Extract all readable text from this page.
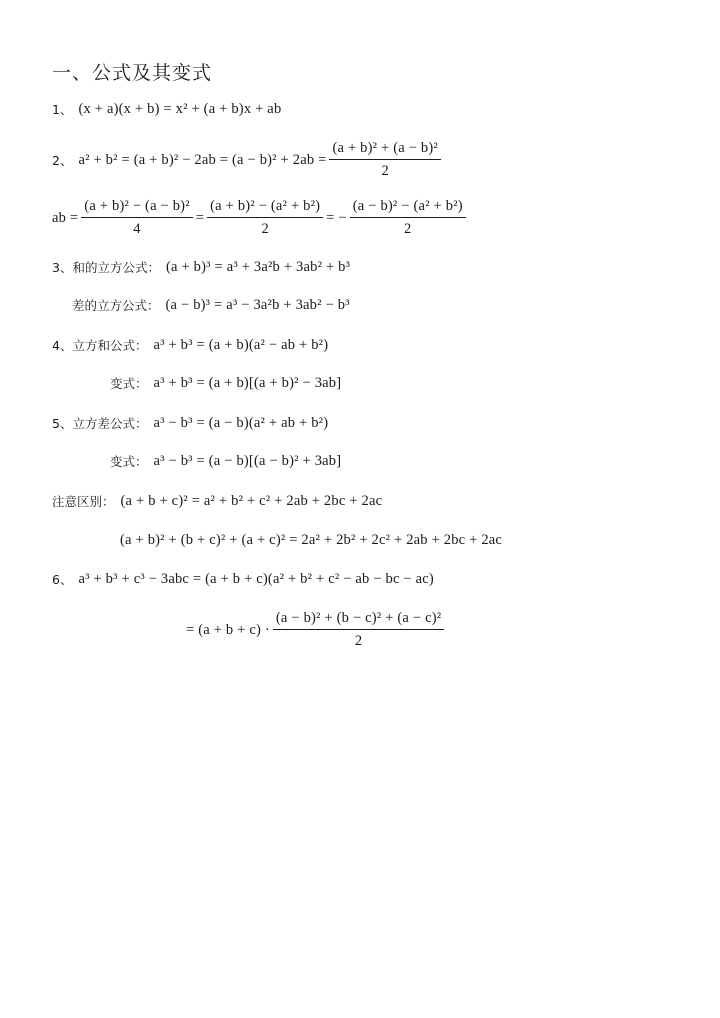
一、公式及其变式
1、 (x + a)(x + b) = x² + (a + b)x + ab
2、 $a^2 + b^2 = (a + b)^2 - 2ab = (a - b)^2 + 2ab = \frac{\text{(a + b)² + (a − b)²}}{2}$
ab = $\frac{\text{(a + b)² − (a − b)²}}{4} = \frac{\text{(a + b)² − (a² + b²)}}{2}$ = − $\frac{\text{(a − b)² − (a² + b²)}}{2}$
3、和的立方公式： (a + b)³ = a³ + 3a²b + 3ab² + b³
差的立方公式： (a − b)³ = a³ − 3a²b + 3ab² − b³
4、立方和公式： a³ + b³ = (a + b)(a² − ab + b²)
变式： a³ + b³ = (a + b)[(a + b)² − 3ab]
5、立方差公式： a³ − b³ = (a − b)(a² + ab + b²)
变式： a³ − b³ = (a − b)[(a − b)² + 3ab]
注意区别： (a + b + c)² = a² + b² + c² + 2ab + 2bc + 2ac
(a + b)² + (b + c)² + (a + c)² = 2a² + 2b² + 2c² + 2ab + 2bc + 2ac
6、 a³ + b³ + c³ − 3abc = (a + b + c)(a² + b² + c² − ab − bc − ac)
= $(a + b + c) \cdot \frac{\text{(a − b)² + (b − c)² + (a − c)²}}{2}$
